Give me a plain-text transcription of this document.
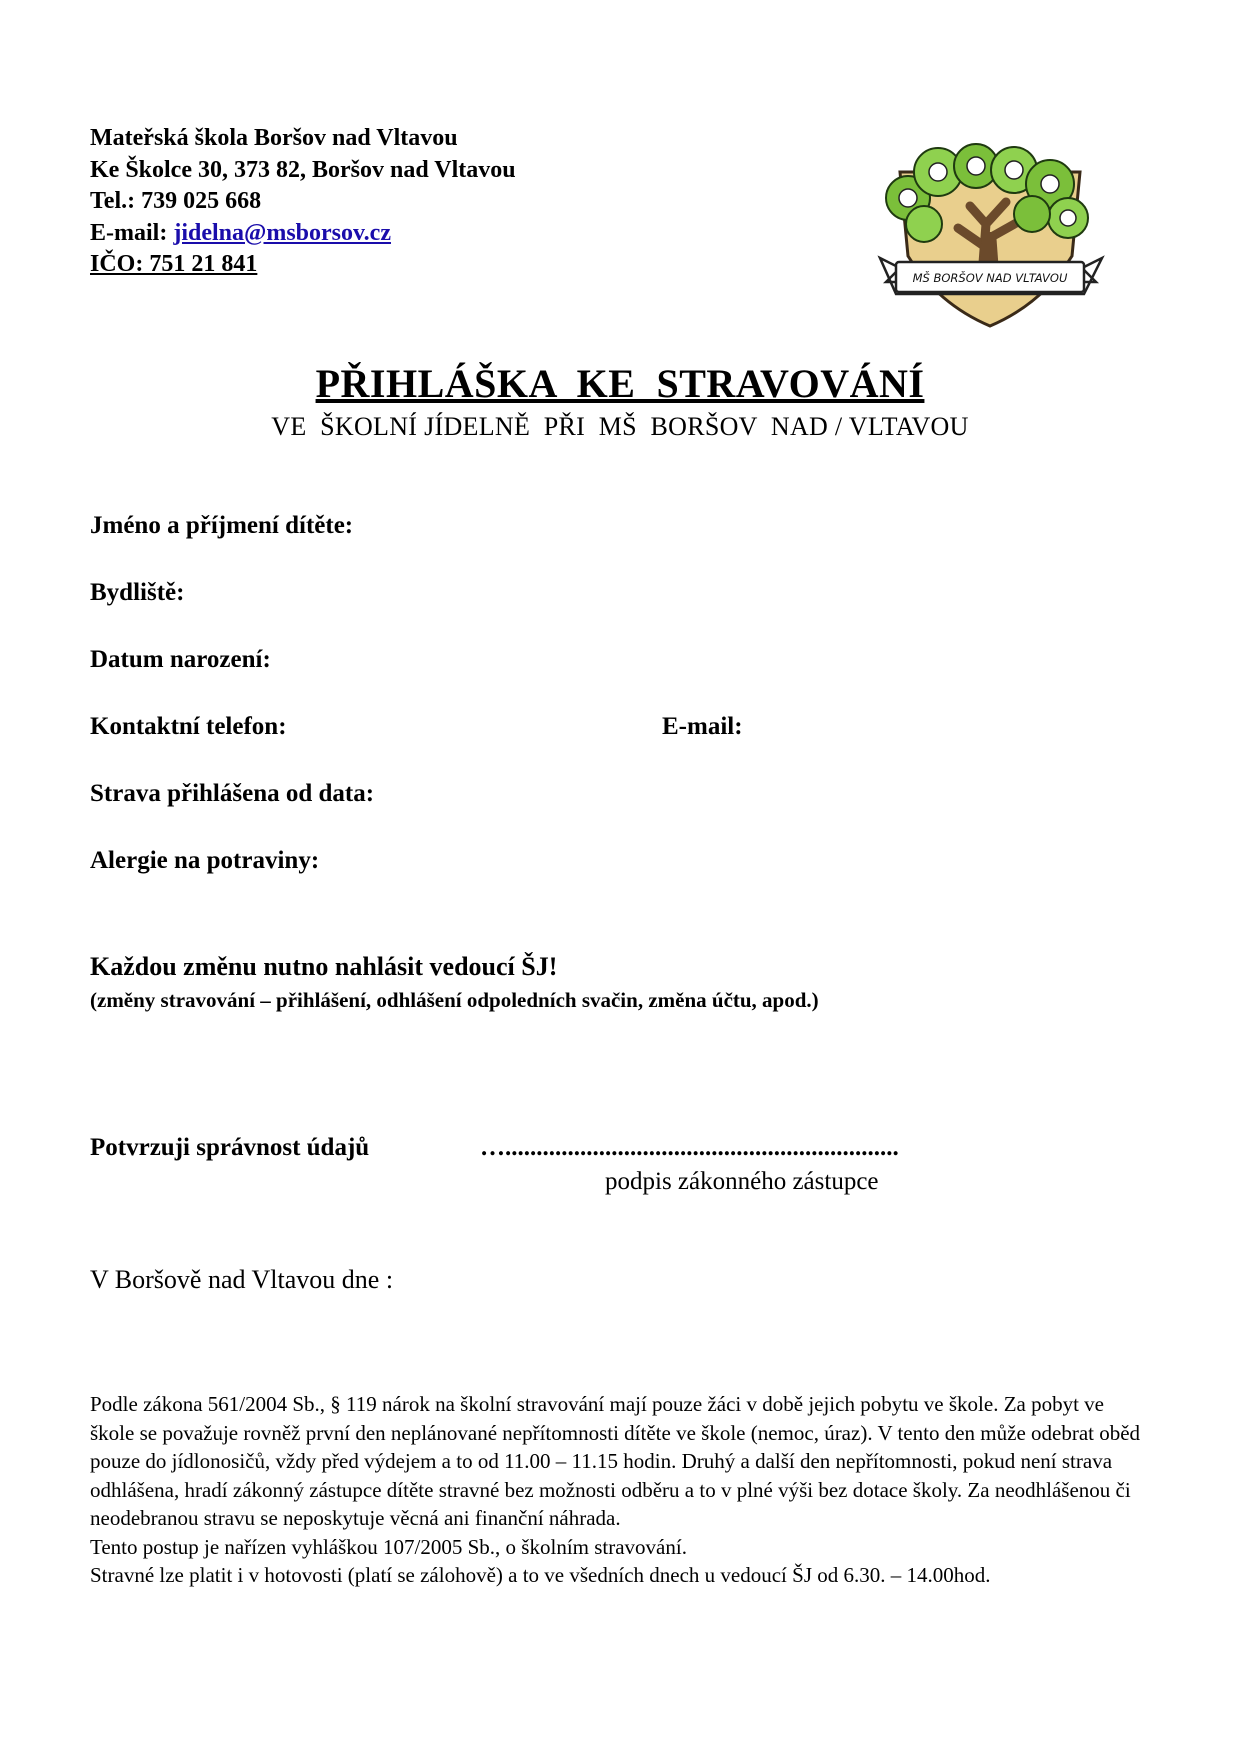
Mateřská škola Boršov nad Vltavou
Ke Školce 30, 373 82, Boršov nad Vltavou
Tel.: 739 025 668
E-mail: jidelna@msborsov.cz
IČO: 751 21 841
MŠ BORŠOV NAD VLTAVOU
PŘIHLÁŠKA  KE  STRAVOVÁNÍ
VE  ŠKOLNÍ JÍDELNĚ  PŘI  MŠ  BORŠOV  NAD / VLTAVOU
Jméno a příjmení dítěte:
Bydliště:
Datum narození:
Kontaktní telefon:	E-mail:
Strava přihlášena od data:
Alergie na potraviny:
Každou změnu nutno nahlásit vedoucí ŠJ!
(změny stravování – přihlášení, odhlášení odpoledních svačin, změna účtu, apod.)
Potvrzuji správnost údajů	…...............................................................
podpis zákonného zástupce
V Boršově nad Vltavou dne :

Podle zákona 561/2004 Sb., § 119 nárok na školní stravování mají pouze žáci v době jejich pobytu ve škole. Za pobyt ve škole se považuje rovněž první den neplánované nepřítomnosti dítěte ve škole (nemoc, úraz). V tento den může odebrat oběd pouze do jídlonosičů, vždy před výdejem a to od 11.00 – 11.15 hodin. Druhý a další den nepřítomnosti, pokud není strava odhlášena, hradí zákonný zástupce dítěte stravné bez možnosti odběru a to v plné výši bez dotace školy. Za neodhlášenou či neodebranou stravu se neposkytuje věcná ani finanční náhrada.

Tento postup je nařízen vyhláškou 107/2005 Sb., o školním stravování.

Stravné lze platit i v hotovosti (platí se zálohově) a to ve všedních dnech u vedoucí ŠJ od 6.30. – 14.00hod.
